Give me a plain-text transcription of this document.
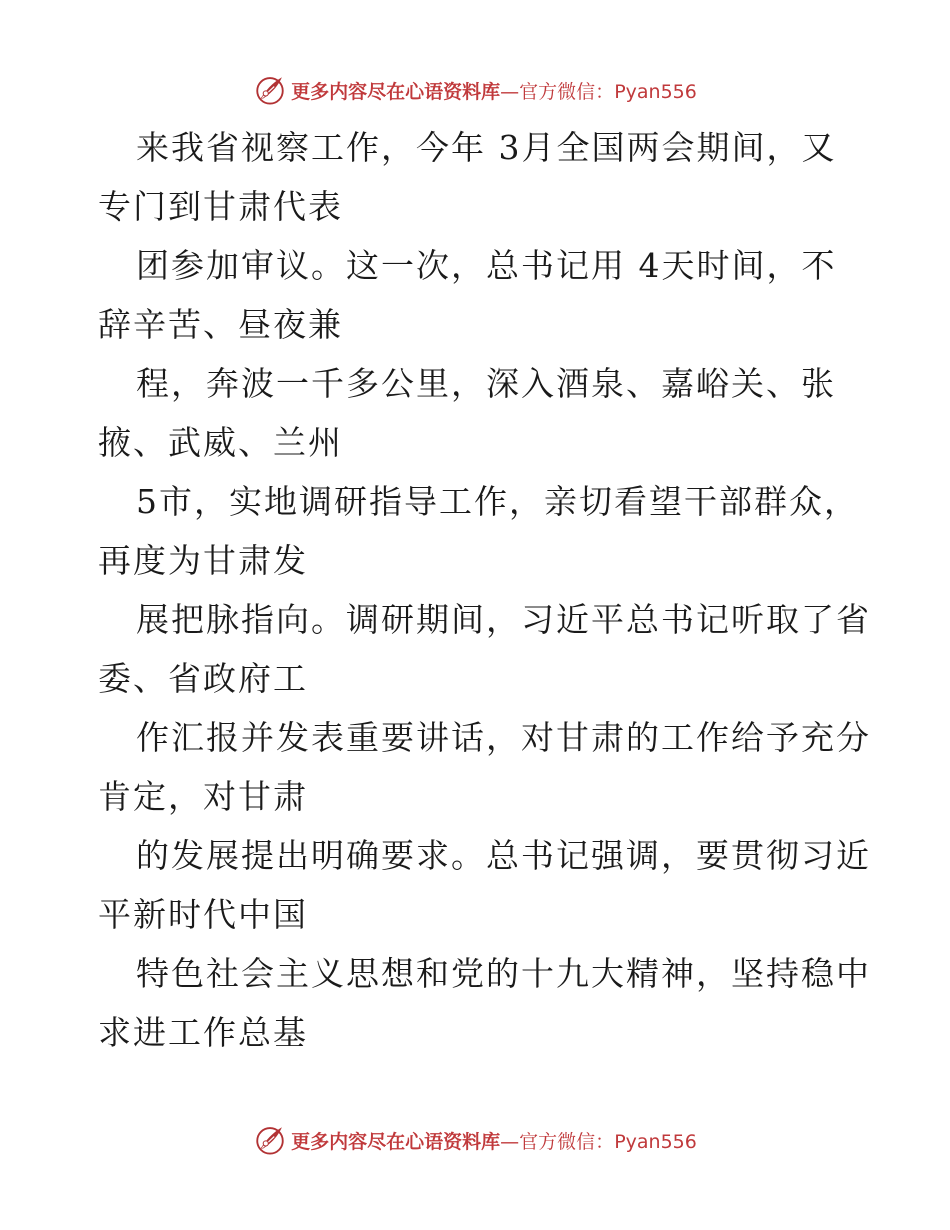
更多内容尽在心语资料库—官方微信：Pyan556
来我省视察工作，今年 3月全国两会期间，又
专门到甘肃代表
团参加审议。这一次，总书记用 4天时间，不
辞辛苦、昼夜兼
程，奔波一千多公里，深入酒泉、嘉峪关、张
掖、武威、兰州
5市，实地调研指导工作，亲切看望干部群众，
再度为甘肃发
展把脉指向。调研期间，习近平总书记听取了省
委、省政府工
作汇报并发表重要讲话，对甘肃的工作给予充分
肯定，对甘肃
的发展提出明确要求。总书记强调，要贯彻习近
平新时代中国
特色社会主义思想和党的十九大精神，坚持稳中
求进工作总基
更多内容尽在心语资料库—官方微信：Pyan556
